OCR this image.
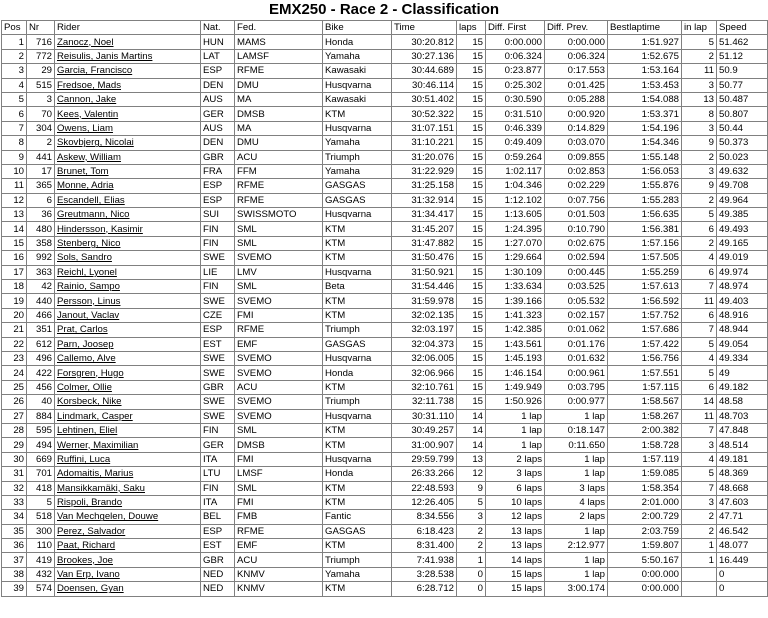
EMX250 - Race 2 - Classification
Pos	Nr	Rider	Nat.	Fed.	Bike	Time	laps	Diff. First	Diff. Prev.	Bestlaptime	in lap	Speed
1	716	Zanocz, Noel	HUN	MAMS	Honda	30:20.812	15	0:00.000	0:00.000	1:51.927	5	51.462
2	772	Reisulis, Janis Martins	LAT	LAMSF	Yamaha	30:27.136	15	0:06.324	0:06.324	1:52.675	2	51.12
3	29	Garcia, Francisco	ESP	RFME	Kawasaki	30:44.689	15	0:23.877	0:17.553	1:53.164	11	50.9
4	515	Fredsoe, Mads	DEN	DMU	Husqvarna	30:46.114	15	0:25.302	0:01.425	1:53.453	3	50.77
5	3	Cannon, Jake	AUS	MA	Kawasaki	30:51.402	15	0:30.590	0:05.288	1:54.088	13	50.487
6	70	Kees, Valentin	GER	DMSB	KTM	30:52.322	15	0:31.510	0:00.920	1:53.371	8	50.807
7	304	Owens, Liam	AUS	MA	Husqvarna	31:07.151	15	0:46.339	0:14.829	1:54.196	3	50.44
8	2	Skovbjerg, Nicolai	DEN	DMU	Yamaha	31:10.221	15	0:49.409	0:03.070	1:54.346	9	50.373
9	441	Askew, William	GBR	ACU	Triumph	31:20.076	15	0:59.264	0:09.855	1:55.148	2	50.023
10	17	Brunet, Tom	FRA	FFM	Yamaha	31:22.929	15	1:02.117	0:02.853	1:56.053	3	49.632
11	365	Monne, Adria	ESP	RFME	GASGAS	31:25.158	15	1:04.346	0:02.229	1:55.876	9	49.708
12	6	Escandell, Elias	ESP	RFME	GASGAS	31:32.914	15	1:12.102	0:07.756	1:55.283	2	49.964
13	36	Greutmann, Nico	SUI	SWISSMOTO	Husqvarna	31:34.417	15	1:13.605	0:01.503	1:56.635	5	49.385
14	480	Hindersson, Kasimir	FIN	SML	KTM	31:45.207	15	1:24.395	0:10.790	1:56.381	6	49.493
15	358	Stenberg, Nico	FIN	SML	KTM	31:47.882	15	1:27.070	0:02.675	1:57.156	2	49.165
16	992	Sols, Sandro	SWE	SVEMO	KTM	31:50.476	15	1:29.664	0:02.594	1:57.505	4	49.019
17	363	Reichl, Lyonel	LIE	LMV	Husqvarna	31:50.921	15	1:30.109	0:00.445	1:55.259	6	49.974
18	42	Rainio, Sampo	FIN	SML	Beta	31:54.446	15	1:33.634	0:03.525	1:57.613	7	48.974
19	440	Persson, Linus	SWE	SVEMO	KTM	31:59.978	15	1:39.166	0:05.532	1:56.592	11	49.403
20	466	Janout, Vaclav	CZE	FMI	KTM	32:02.135	15	1:41.323	0:02.157	1:57.752	6	48.916
21	351	Prat, Carlos	ESP	RFME	Triumph	32:03.197	15	1:42.385	0:01.062	1:57.686	7	48.944
22	612	Parn, Joosep	EST	EMF	GASGAS	32:04.373	15	1:43.561	0:01.176	1:57.422	5	49.054
23	496	Callemo, Alve	SWE	SVEMO	Husqvarna	32:06.005	15	1:45.193	0:01.632	1:56.756	4	49.334
24	422	Forsgren, Hugo	SWE	SVEMO	Honda	32:06.966	15	1:46.154	0:00.961	1:57.551	5	49
25	456	Colmer, Ollie	GBR	ACU	KTM	32:10.761	15	1:49.949	0:03.795	1:57.115	6	49.182
26	40	Korsbeck, Nike	SWE	SVEMO	Triumph	32:11.738	15	1:50.926	0:00.977	1:58.567	14	48.58
27	884	Lindmark, Casper	SWE	SVEMO	Husqvarna	30:31.110	14	1 lap	1 lap	1:58.267	11	48.703
28	595	Lehtinen, Eliel	FIN	SML	KTM	30:49.257	14	1 lap	0:18.147	2:00.382	7	47.848
29	494	Werner, Maximilian	GER	DMSB	KTM	31:00.907	14	1 lap	0:11.650	1:58.728	3	48.514
30	669	Ruffini, Luca	ITA	FMI	Husqvarna	29:59.799	13	2 laps	1 lap	1:57.119	4	49.181
31	701	Adomaitis, Marius	LTU	LMSF	Honda	26:33.266	12	3 laps	1 lap	1:59.085	5	48.369
32	418	Mansikkamäki, Saku	FIN	SML	KTM	22:48.593	9	6 laps	3 laps	1:58.354	7	48.668
33	5	Rispoli, Brando	ITA	FMI	KTM	12:26.405	5	10 laps	4 laps	2:01.000	3	47.603
34	518	Van Mechgelen, Douwe	BEL	FMB	Fantic	8:34.556	3	12 laps	2 laps	2:00.729	2	47.71
35	300	Perez, Salvador	ESP	RFME	GASGAS	6:18.423	2	13 laps	1 lap	2:03.759	2	46.542
36	110	Paat, Richard	EST	EMF	KTM	8:31.400	2	13 laps	2:12.977	1:59.807	1	48.077
37	419	Brookes, Joe	GBR	ACU	Triumph	7:41.938	1	14 laps	1 lap	5:50.167	1	16.449
38	432	Van Erp, Ivano	NED	KNMV	Yamaha	3:28.538	0	15 laps	1 lap	0:00.000		0
39	574	Doensen, Gyan	NED	KNMV	KTM	6:28.712	0	15 laps	3:00.174	0:00.000		0
